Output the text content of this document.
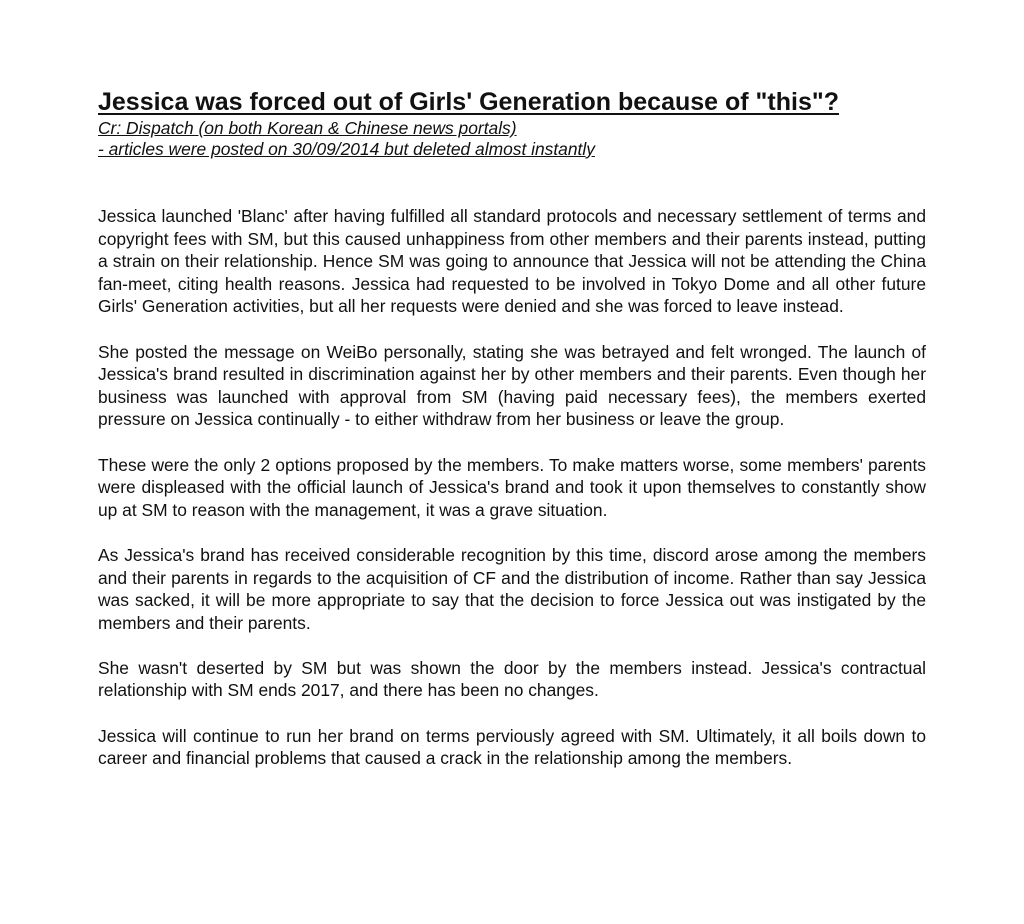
Jessica was forced out of Girls' Generation because of "this"?

Cr: Dispatch (on both Korean & Chinese news portals)

- articles were posted on 30/09/2014 but deleted almost instantly

Jessica launched 'Blanc' after having fulfilled all standard protocols and necessary settlement of terms and copyright fees with SM, but this caused unhappiness from other members and their parents instead, putting a strain on their relationship. Hence SM was going to announce that Jessica will not be attending the China fan-meet, citing health reasons. Jessica had requested to be involved in Tokyo Dome and all other future Girls' Generation activities, but all her requests were denied and she was forced to leave instead.

She posted the message on WeiBo personally, stating she was betrayed and felt wronged. The launch of Jessica's brand resulted in discrimination against her by other members and their parents. Even though her business was launched with approval from SM (having paid necessary fees), the members exerted pressure on Jessica continually - to either withdraw from her business or leave the group.

These were the only 2 options proposed by the members. To make matters worse, some members' parents were displeased with the official launch of Jessica's brand and took it upon themselves to constantly show up at SM to reason with the management, it was a grave situation.

As Jessica's brand has received considerable recognition by this time, discord arose among the members and their parents in regards to the acquisition of CF and the distribution of income. Rather than say Jessica was sacked, it will be more appropriate to say that the decision to force Jessica out was instigated by the members and their parents.

She wasn't deserted by SM but was shown the door by the members instead. Jessica's contractual relationship with SM ends 2017, and there has been no changes.

Jessica will continue to run her brand on terms perviously agreed with SM. Ultimately, it all boils down to career and financial problems that caused a crack in the relationship among the members.
